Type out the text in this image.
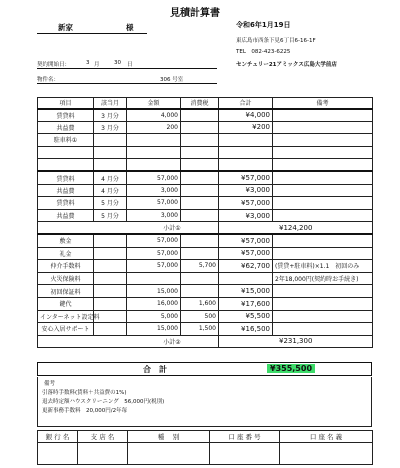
見積計算書
新家	様	令和6年1月19日
東広島市西条下見6丁目6-16-1F
TEL　082-423-6225
センチュリー21アミックス広島大学前店
契約開始日：	3 月	30 日
物件名：	306 号室
項目	該当月	金額	消費税	合計	備考
賃貸料	3 月分	4,000		¥4,000	
共益費	3 月分	200		¥200	
駐車料①					

賃貸料	4 月分	57,000		¥57,000	
共益費	4 月分	3,000		¥3,000	
賃貸料	5 月分	57,000		¥57,000	
共益費	5 月分	3,000		¥3,000	
小計①				¥124,200	
敷金		57,000		¥57,000	
礼金		57,000		¥57,000	
仲介手数料		57,000	5,700	¥62,700	(賃貸+駐車料)×1.1　初回のみ
火災保険料					2年18,000円(契約時お手続き)
初回保証料		15,000		¥15,000	
鍵代		16,000	1,600	¥17,600	
インターネット設定料		5,000	500	¥5,500	
安心入居サポート		15,000	1,500	¥16,500	
小計②				¥231,300	
合　計	¥355,500
備考
引落時手数料(賃料＋共益費の1%)
退去時定額ハウスクリーニング　56,000円(税別)
更新事務手数料　20,000円/2年毎
銀 行 名	支 店 名	種　 別	口 座 番 号	口 座 名 義
